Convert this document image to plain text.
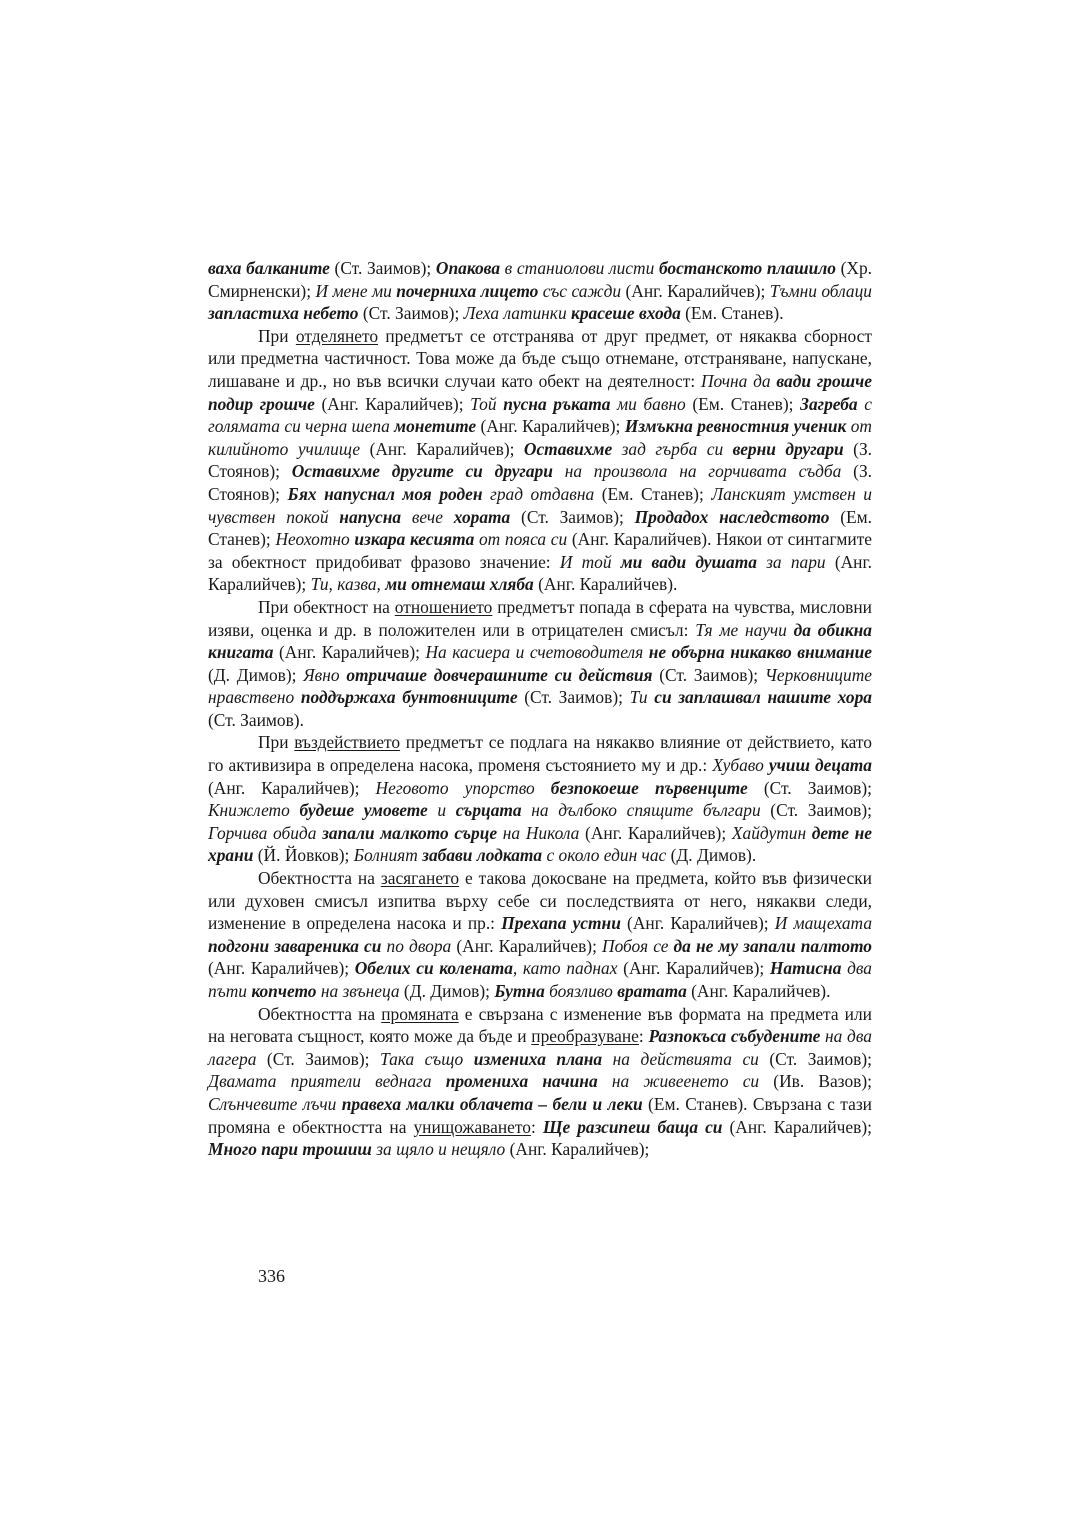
ваха балканите (Ст. Заимов); Опакова в станиолови листи бостанското плашило (Хр. Смирненски); И мене ми почерниха лицето със сажди (Анг. Каралийчев); Тъмни облаци запластиха небето (Ст. Заимов); Леха латинки красеше входа (Ем. Станев).

При отделянето предметът се отстранява от друг предмет, от някаква сборност или предметна частичност. Това може да бъде също отнемане, отстраняване, напускане, лишаване и др., но във всички случаи като обект на деятелност: Почна да вади грошче подир грошче (Анг. Каралийчев); Той пусна ръката ми бавно (Ем. Станев); Загреба с голямата си черна шепа монетите (Анг. Каралийчев); Измъкна ревностния ученик от килийното училище (Анг. Каралийчев); Оставихме зад гърба си верни другари (З. Стоянов); Оставихме другите си другари на произвола на горчивата съдба (З. Стоянов); Бях напуснал моя роден град отдавна (Ем. Станев); Ланският умствен и чувствен покой напусна вече хората (Ст. Заимов); Продадох наследството (Ем. Станев); Неохотно изкара кесията от пояса си (Анг. Каралийчев). Някои от синтагмите за обектност придобиват фразово значение: И той ми вади душата за пари (Анг. Каралийчев); Ти, казва, ми отнемаш хляба (Анг. Каралийчев).

При обектност на отношението предметът попада в сферата на чувства, мисловни изяви, оценка и др. в положителен или в отрицателен смисъл: Тя ме научи да обикна книгата (Анг. Каралийчев); На касиера и счетоводителя не обърна никакво внимание (Д. Димов); Явно отричаше довчерашните си действия (Ст. Заимов); Черковниците нравствено поддържаха бунтовниците (Ст. Заимов); Ти си заплашвал нашите хора (Ст. Заимов).

При въздействието предметът се подлага на някакво влияние от действието, като го активизира в определена насока, променя състоянието му и др.: Хубаво учиш децата (Анг. Каралийчев); Неговото упорство безпокоеше първенците (Ст. Заимов); Книжлето будеше умовете и сърцата на дълбоко спящите българи (Ст. Заимов); Горчива обида запали малкото сърце на Никола (Анг. Каралийчев); Хайдутин дете не храни (Й. Йовков); Болният забави лодката с около един час (Д. Димов).

Обектността на засягането е такова докосване на предмета, който във физически или духовен смисъл изпитва върху себе си последствията от него, някакви следи, изменение в определена насока и пр.: Прехапа устни (Анг. Каралийчев); И мащехата подгони завареника си по двора (Анг. Каралийчев); Побоя се да не му запали палтото (Анг. Каралийчев); Обелих си колената, като паднах (Анг. Каралийчев); Натисна два пъти копчето на звънеца (Д. Димов); Бутна боязливо вратата (Анг. Каралийчев).

Обектността на промяната е свързана с изменение във формата на предмета или на неговата същност, която може да бъде и преобразуване: Разпокъса събудените на два лагера (Ст. Заимов); Така също измениха плана на действията си (Ст. Заимов); Двамата приятели веднага промениха начина на живеенето си (Ив. Вазов); Слънчевите лъчи правеха малки облачета – бели и леки (Ем. Станев). Свързана с тази промяна е обектността на унищожаването: Ще разсипеш баща си (Анг. Каралийчев); Много пари трошиш за щяло и нещяло (Анг. Каралийчев);

336
